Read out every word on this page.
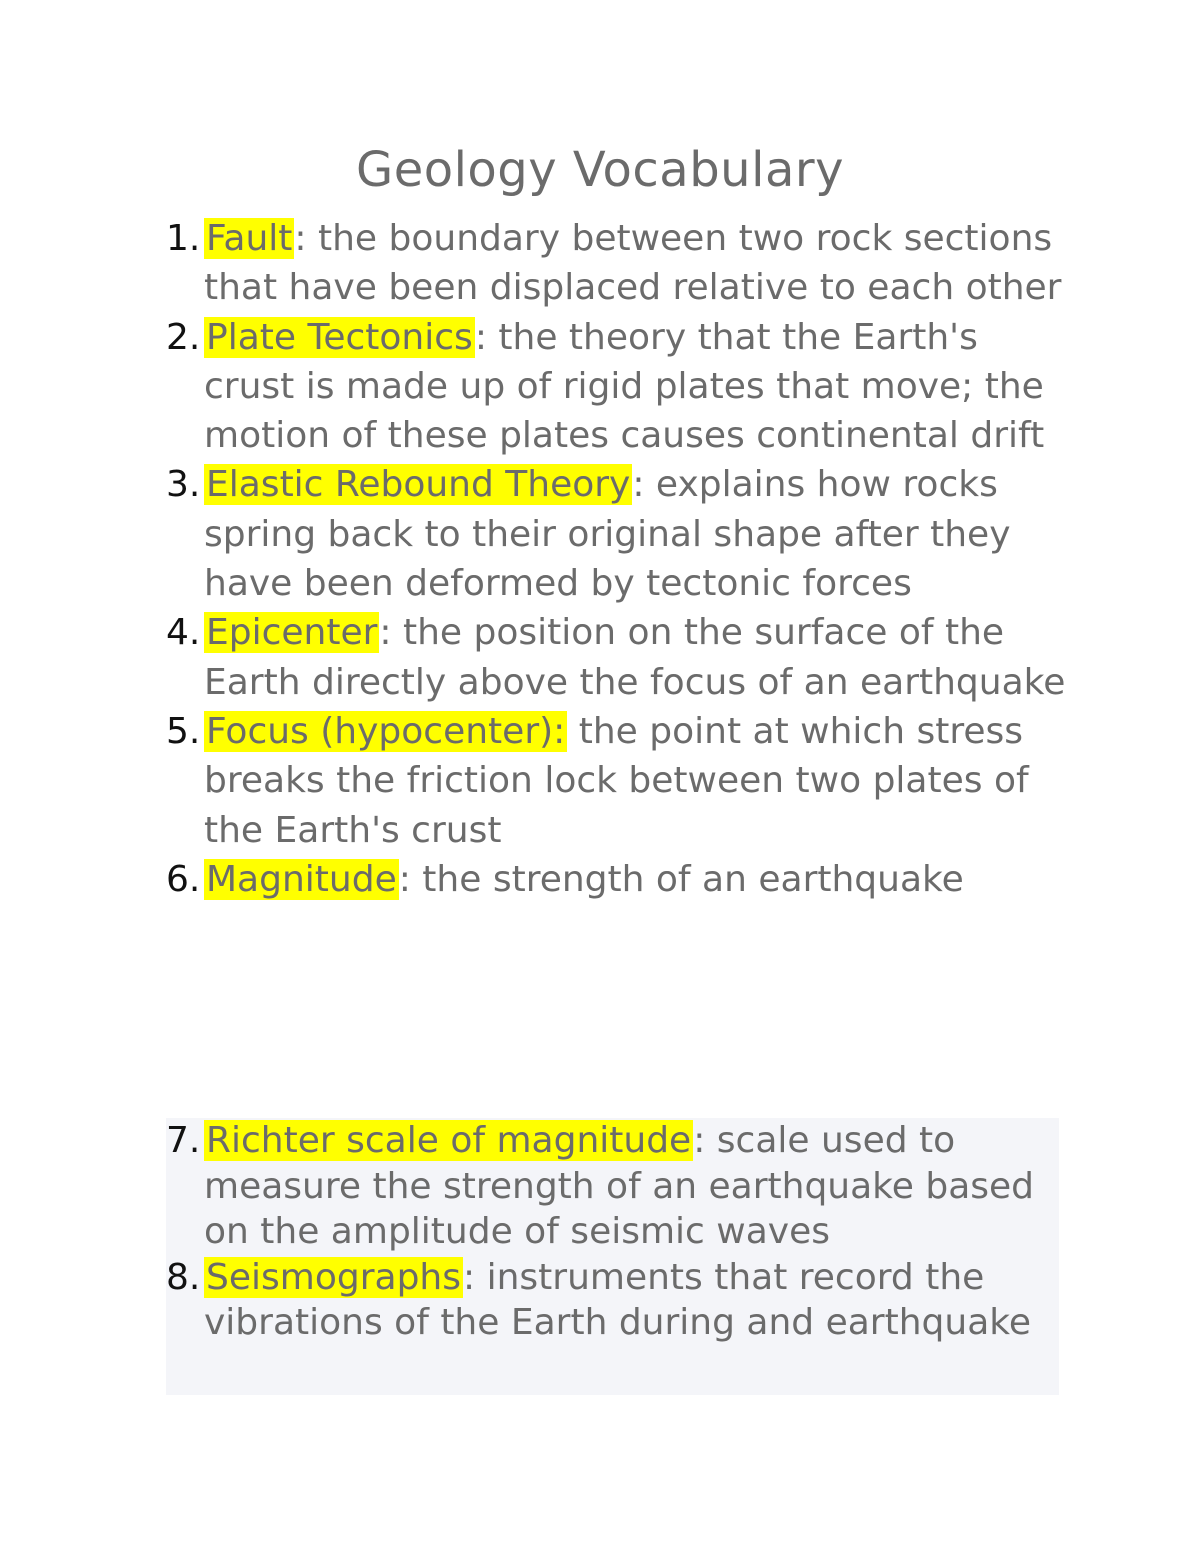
Geology Vocabulary
1. Fault: the boundary between two rock sections that have been displaced relative to each other
2. Plate Tectonics: the theory that the Earth's crust is made up of rigid plates that move; the motion of these plates causes continental drift
3. Elastic Rebound Theory: explains how rocks spring back to their original shape after they have been deformed by tectonic forces
4. Epicenter: the position on the surface of the Earth directly above the focus of an earthquake
5. Focus (hypocenter): the point at which stress breaks the friction lock between two plates of the Earth's crust
6. Magnitude: the strength of an earthquake
7. Richter scale of magnitude: scale used to measure the strength of an earthquake based on the amplitude of seismic waves
8. Seismographs: instruments that record the vibrations of the Earth during and earthquake
